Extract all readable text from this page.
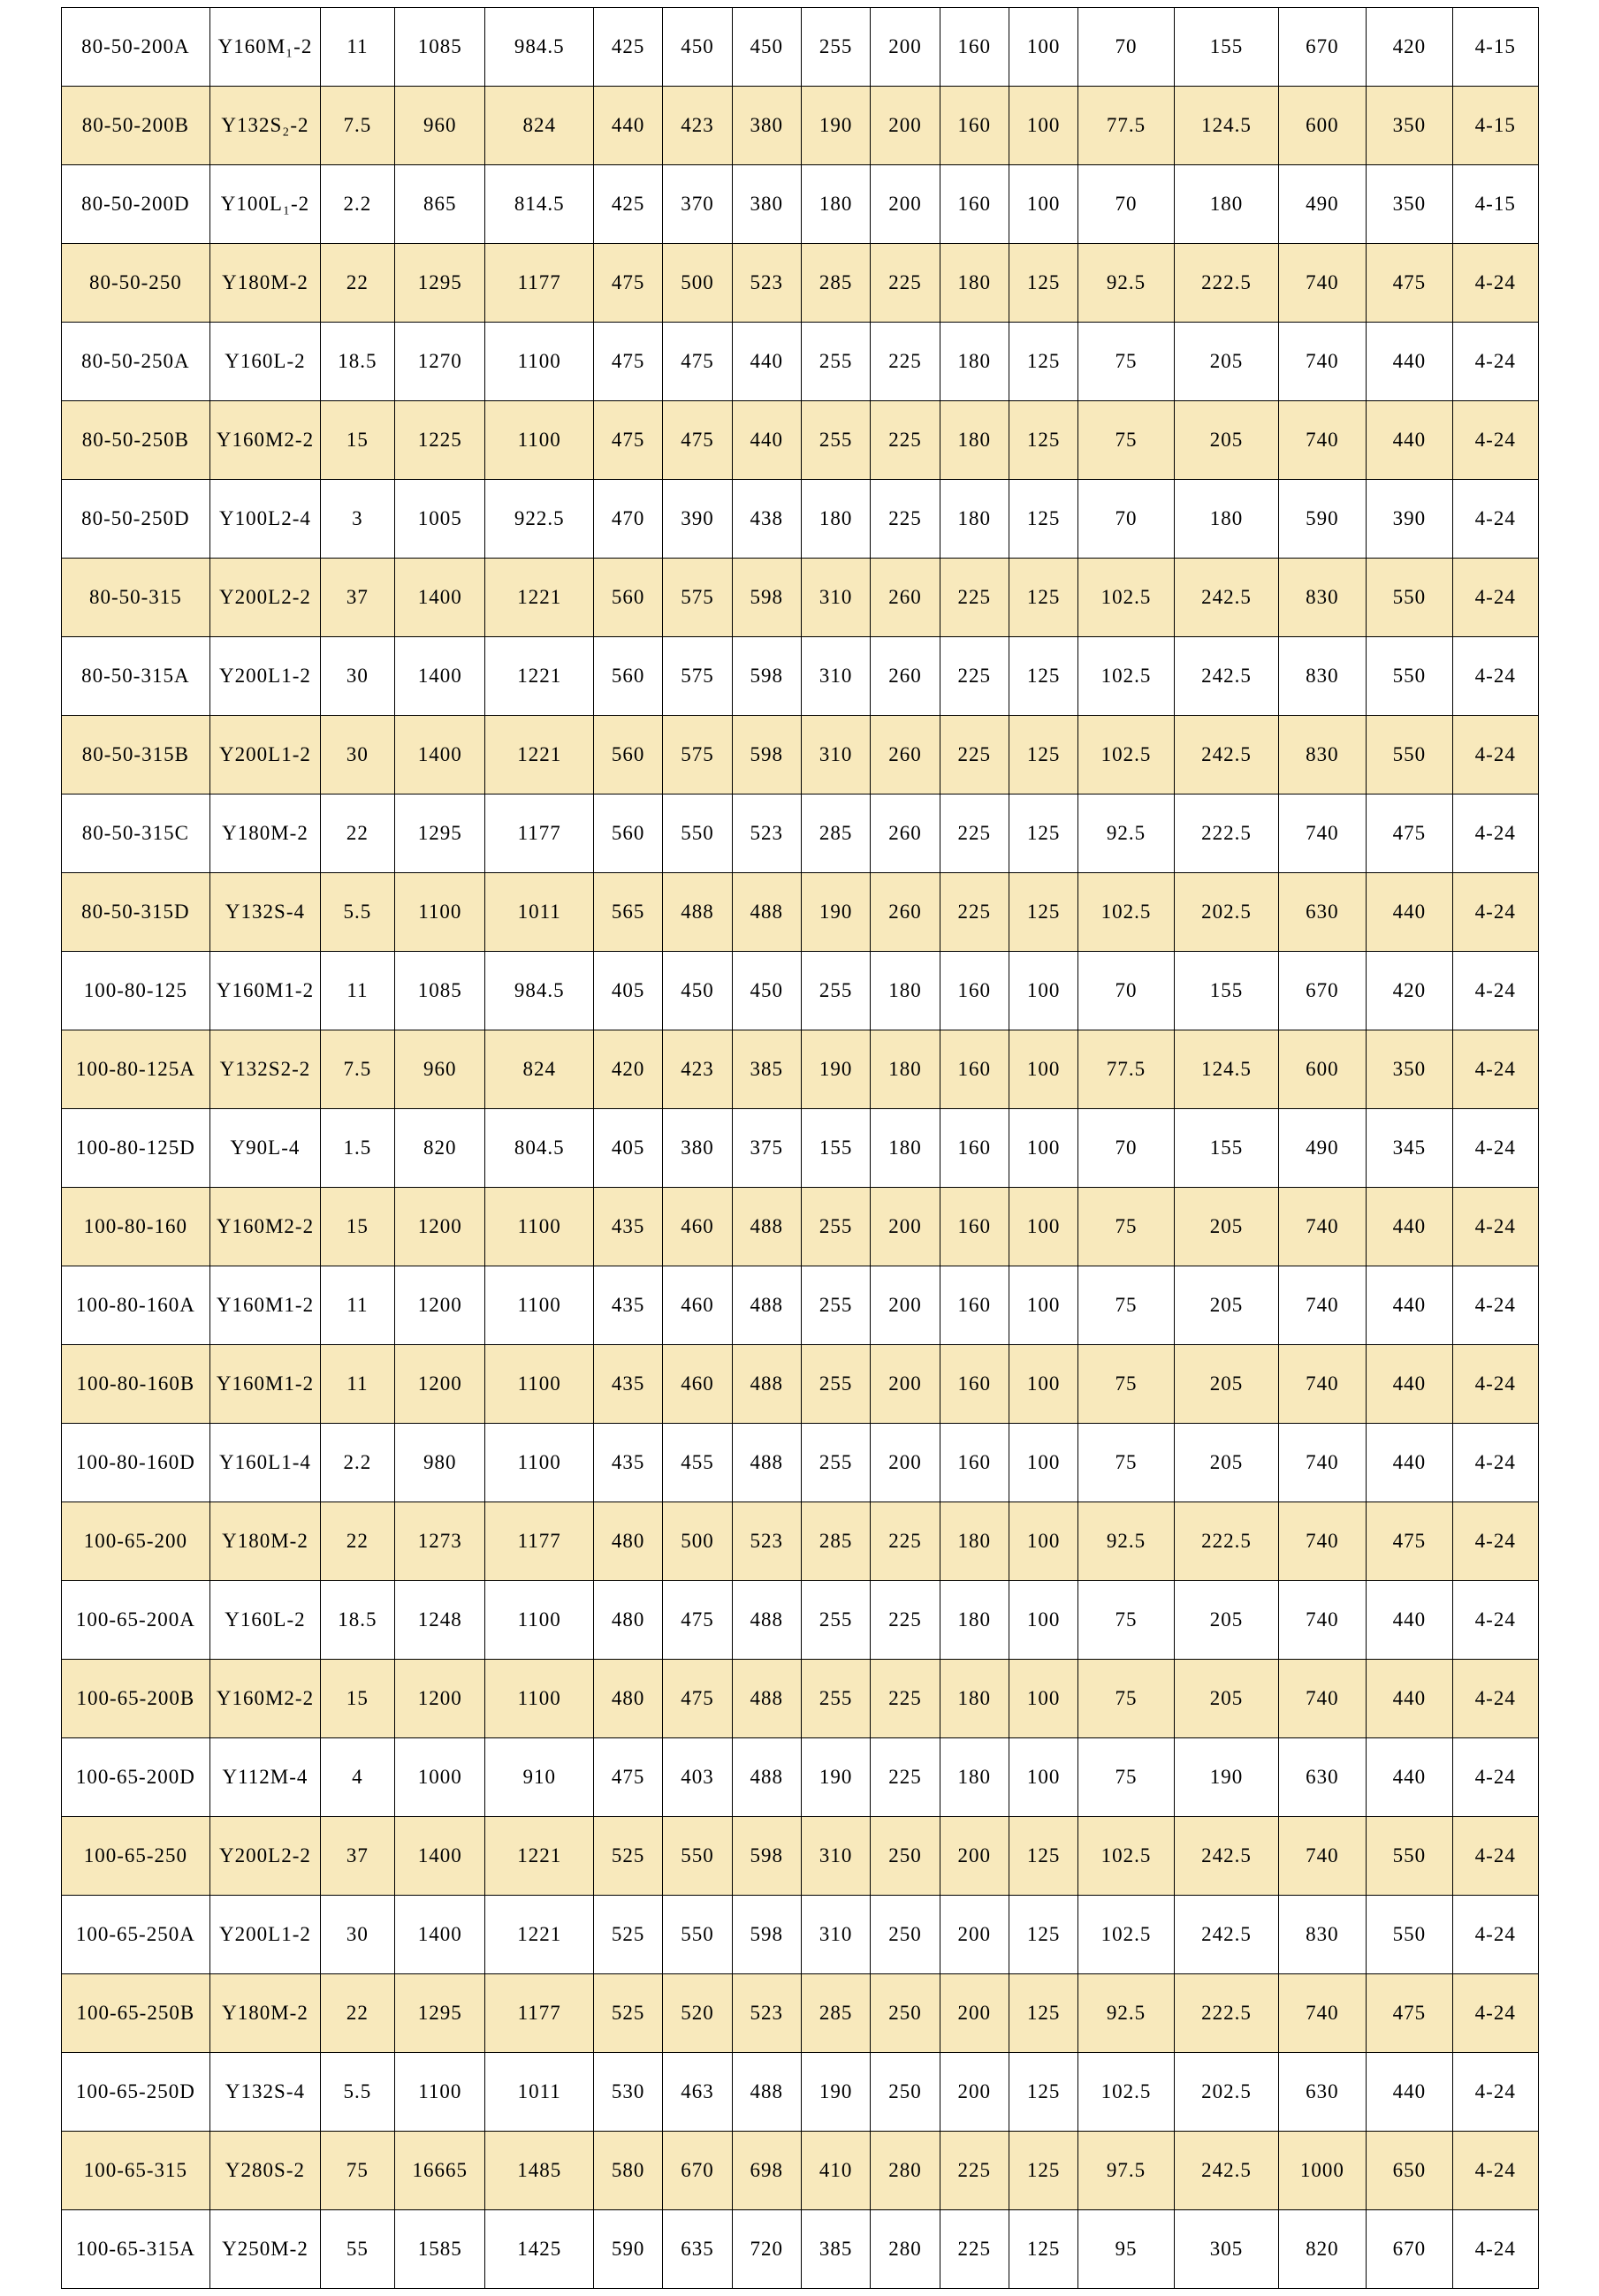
80-50-200A	Y160M₁-2	11	1085	984.5	425	450	450	255	200	160	100	70	155	670	420	4-15
80-50-200B	Y132S₂-2	7.5	960	824	440	423	380	190	200	160	100	77.5	124.5	600	350	4-15
80-50-200D	Y100L₁-2	2.2	865	814.5	425	370	380	180	200	160	100	70	180	490	350	4-15
80-50-250	Y180M-2	22	1295	1177	475	500	523	285	225	180	125	92.5	222.5	740	475	4-24
80-50-250A	Y160L-2	18.5	1270	1100	475	475	440	255	225	180	125	75	205	740	440	4-24
80-50-250B	Y160M2-2	15	1225	1100	475	475	440	255	225	180	125	75	205	740	440	4-24
80-50-250D	Y100L2-4	3	1005	922.5	470	390	438	180	225	180	125	70	180	590	390	4-24
80-50-315	Y200L2-2	37	1400	1221	560	575	598	310	260	225	125	102.5	242.5	830	550	4-24
80-50-315A	Y200L1-2	30	1400	1221	560	575	598	310	260	225	125	102.5	242.5	830	550	4-24
80-50-315B	Y200L1-2	30	1400	1221	560	575	598	310	260	225	125	102.5	242.5	830	550	4-24
80-50-315C	Y180M-2	22	1295	1177	560	550	523	285	260	225	125	92.5	222.5	740	475	4-24
80-50-315D	Y132S-4	5.5	1100	1011	565	488	488	190	260	225	125	102.5	202.5	630	440	4-24
100-80-125	Y160M1-2	11	1085	984.5	405	450	450	255	180	160	100	70	155	670	420	4-24
100-80-125A	Y132S2-2	7.5	960	824	420	423	385	190	180	160	100	77.5	124.5	600	350	4-24
100-80-125D	Y90L-4	1.5	820	804.5	405	380	375	155	180	160	100	70	155	490	345	4-24
100-80-160	Y160M2-2	15	1200	1100	435	460	488	255	200	160	100	75	205	740	440	4-24
100-80-160A	Y160M1-2	11	1200	1100	435	460	488	255	200	160	100	75	205	740	440	4-24
100-80-160B	Y160M1-2	11	1200	1100	435	460	488	255	200	160	100	75	205	740	440	4-24
100-80-160D	Y160L1-4	2.2	980	1100	435	455	488	255	200	160	100	75	205	740	440	4-24
100-65-200	Y180M-2	22	1273	1177	480	500	523	285	225	180	100	92.5	222.5	740	475	4-24
100-65-200A	Y160L-2	18.5	1248	1100	480	475	488	255	225	180	100	75	205	740	440	4-24
100-65-200B	Y160M2-2	15	1200	1100	480	475	488	255	225	180	100	75	205	740	440	4-24
100-65-200D	Y112M-4	4	1000	910	475	403	488	190	225	180	100	75	190	630	440	4-24
100-65-250	Y200L2-2	37	1400	1221	525	550	598	310	250	200	125	102.5	242.5	740	550	4-24
100-65-250A	Y200L1-2	30	1400	1221	525	550	598	310	250	200	125	102.5	242.5	830	550	4-24
100-65-250B	Y180M-2	22	1295	1177	525	520	523	285	250	200	125	92.5	222.5	740	475	4-24
100-65-250D	Y132S-4	5.5	1100	1011	530	463	488	190	250	200	125	102.5	202.5	630	440	4-24
100-65-315	Y280S-2	75	16665	1485	580	670	698	410	280	225	125	97.5	242.5	1000	650	4-24
100-65-315A	Y250M-2	55	1585	1425	590	635	720	385	280	225	125	95	305	820	670	4-24
